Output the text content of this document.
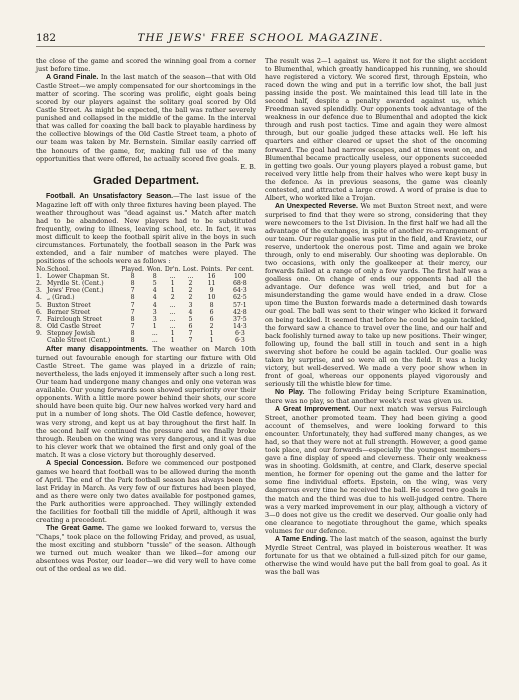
182	THE JEWS' FREE SCHOOL MAGAZINE.

the close of the game and scored the winning goal from a corner just before time.

A Grand Finale. In the last match of the season—that with Old Castle Street—we amply compensated for our shortcomings in the matter of scoring. The scoring was prolific, eight goals being scored by our players against the solitary goal scored by Old Castle Street. As might be expected, the ball was rather severely punished and collapsed in the middle of the game. In the interval that was called for coaxing the ball back to playable hardiness by the collective blowings of the Old Castle Street team, a photo of our team was taken by Mr. Bernstein. Similar easily carried off the honours of the game, for, making full use of the many opportunities that were offered, he actually scored five goals.

E. B.

Graded Department.

Football. An Unsatisfactory Season.—The last issue of the Magazine left off with only three fixtures having been played. The weather throughout was "dead against us." Match after match had to be abandoned. New players had to be substituted frequently, owing to illness, leaving school, etc. In fact, it was most difficult to keep the football spirit alive in the boys in such circumstances. Fortunately, the football season in the Park was extended, and a fair number of matches were played. The positions of the schools were as follows :

No.	School.	Played.	Won.	Dr'n.	Lost.	Points.	Per cent.
1.	Lower Chapman St.	8	8	...	...	16	100
2.	Myrdle St. (Cent.)	8	5	1	2	11	68·8
3.	Jews' Free (Cent.)	7	4	1	2	9	64·3
4.	„ (Grad.)	8	4	2	2	10	62·5
5.	Buxton Street	7	4	...	3	8	57·1
6.	Berner Street	7	3	...	4	6	42·8
7.	Fairclough Street	8	3	...	5	6	37·5
8.	Old Castle Street	7	1	...	6	2	14·3
9.	Stepney Jewish	8	...	1	7	1	6·3
	Cable Street (Cent.)	8	...	1	7	1	6·3

After many disappointments. The weather on March 10th turned out favourable enough for starting our fixture with Old Castle Street. The game was played in a drizzle of rain; nevertheless, the lads enjoyed it immensely after such a long rest. Our team had undergone many changes and only one veteran was available. Our young forwards soon showed superiority over their opponents. With a little more power behind their shots, our score should have been quite big. Our new halves worked very hard and put in a number of long shots. The Old Castle defence, however, was very strong, and kept us at bay throughout the first half. In the second half we continued the pressure and we finally broke through. Reuben on the wing was very dangerous, and it was due to his clever work that we obtained the first and only goal of the match. It was a close victory but thoroughly deserved.

A Special Concession. Before we commenced our postponed games we heard that football was to be allowed during the month of April. The end of the Park football season has always been the last Friday in March. As very few of our fixtures had been played, and as there were only two dates available for postponed games, the Park authorities were approached. They willingly extended the facilities for football till the middle of April, although it was creating a precedent.

The Great Game. The game we looked forward to, versus the "Chaps," took place on the following Friday, and proved, as usual, the most exciting and stubborn "tussle" of the season. Although we turned out much weaker than we liked—for among our absentees was Poster, our leader—we did very well to have come out of the ordeal as we did.

The result was 2—1 against us. Were it not for the slight accident to Blumenthal, which greatly handicapped his running, we should have registered a victory. We scored first, through Epstein, who raced down the wing and put in a terrific low shot, the ball just passing inside the post. We maintained this lead till late in the second half, despite a penalty awarded against us, which Freedman saved splendidly. Our opponents took advantage of the weakness in our defence due to Blumenthal and adopted the kick through and rush post tactics. Time and again they were almost through, but our goalie judged these attacks well. He left his quarters and either cleared or upset the shot of the oncoming forward. The goal had narrow escapes, and at times went on, and Blumenthal became practically useless, our opponents succeeded in getting two goals. Our young players played a robust game, but received very little help from their halves who were kept busy in the defence. As in previous seasons, the game was cleanly contested, and attracted a large crowd. A word of praise is due to Albert, who worked like a Trojan.

An Unexpected Reverse. We met Buxton Street next, and were surprised to find that they were so strong, considering that they were newcomers to the 1st Division. In the first half we had all the advantage of the exchanges, in spite of another re-arrangement of our team. Our regular goalie was put in the field, and Kravietz, our reserve, undertook the onerous post. Time and again we broke through, only to end miserably. Our shooting was deplorable. On two occasions, with only the goalkeeper at their mercy, our forwards failed at a range of only a few yards. The first half was a goalless one. On change of ends our opponents had all the advantage. Our defence was well tried, and but for a misunderstanding the game would have ended in a draw. Close upon time the Buxton forwards made a determined dash towards our goal. The ball was sent to their winger who kicked it forward on being tackled. It seemed that before he could be again tackled, the forward saw a chance to travel over the line, and our half and back foolishly turned away to take up new positions. Their winger, following up, found the ball still in touch and sent in a high swerving shot before he could be again tackled. Our goalie was taken by surprise, and so were all on the field. It was a lucky victory, but well-deserved. We made a very poor show when in front of goal, whereas our opponents played vigorously and seriously till the whistle blew for time.

No Play. The following Friday being Scripture Examination, there was no play, so that another week's rest was given us.

A Great Improvement. Our next match was versus Fairclough Street, another promoted team. They had been giving a good account of themselves, and were looking forward to this encounter. Unfortunately, they had suffered many changes, as we had, so that they were not at full strength. However, a good game took place, and our forwards—especially the youngest members—gave a fine display of speed and cleverness. Their only weakness was in shooting. Goldsmith, at centre, and Clark, deserve special mention, he former for opening out the game and the latter for some fine individual efforts. Epstein, on the wing, was very dangerous every time he received the ball. He scored two goals in the match and the third was due to his well-judged centre. There was a very marked improvement in our play, although a victory of 3—0 does not give us the credit we deserved. Our goalie only had one clearance to negotiate throughout the game, which speaks volumes for our defence.

A Tame Ending. The last match of the season, against the burly Myrdle Street Central, was played in boisterous weather. It was fortunate for us that we obtained a full-sized pitch for our game, otherwise the wind would have put the ball from goal to goal. As it was the ball was
